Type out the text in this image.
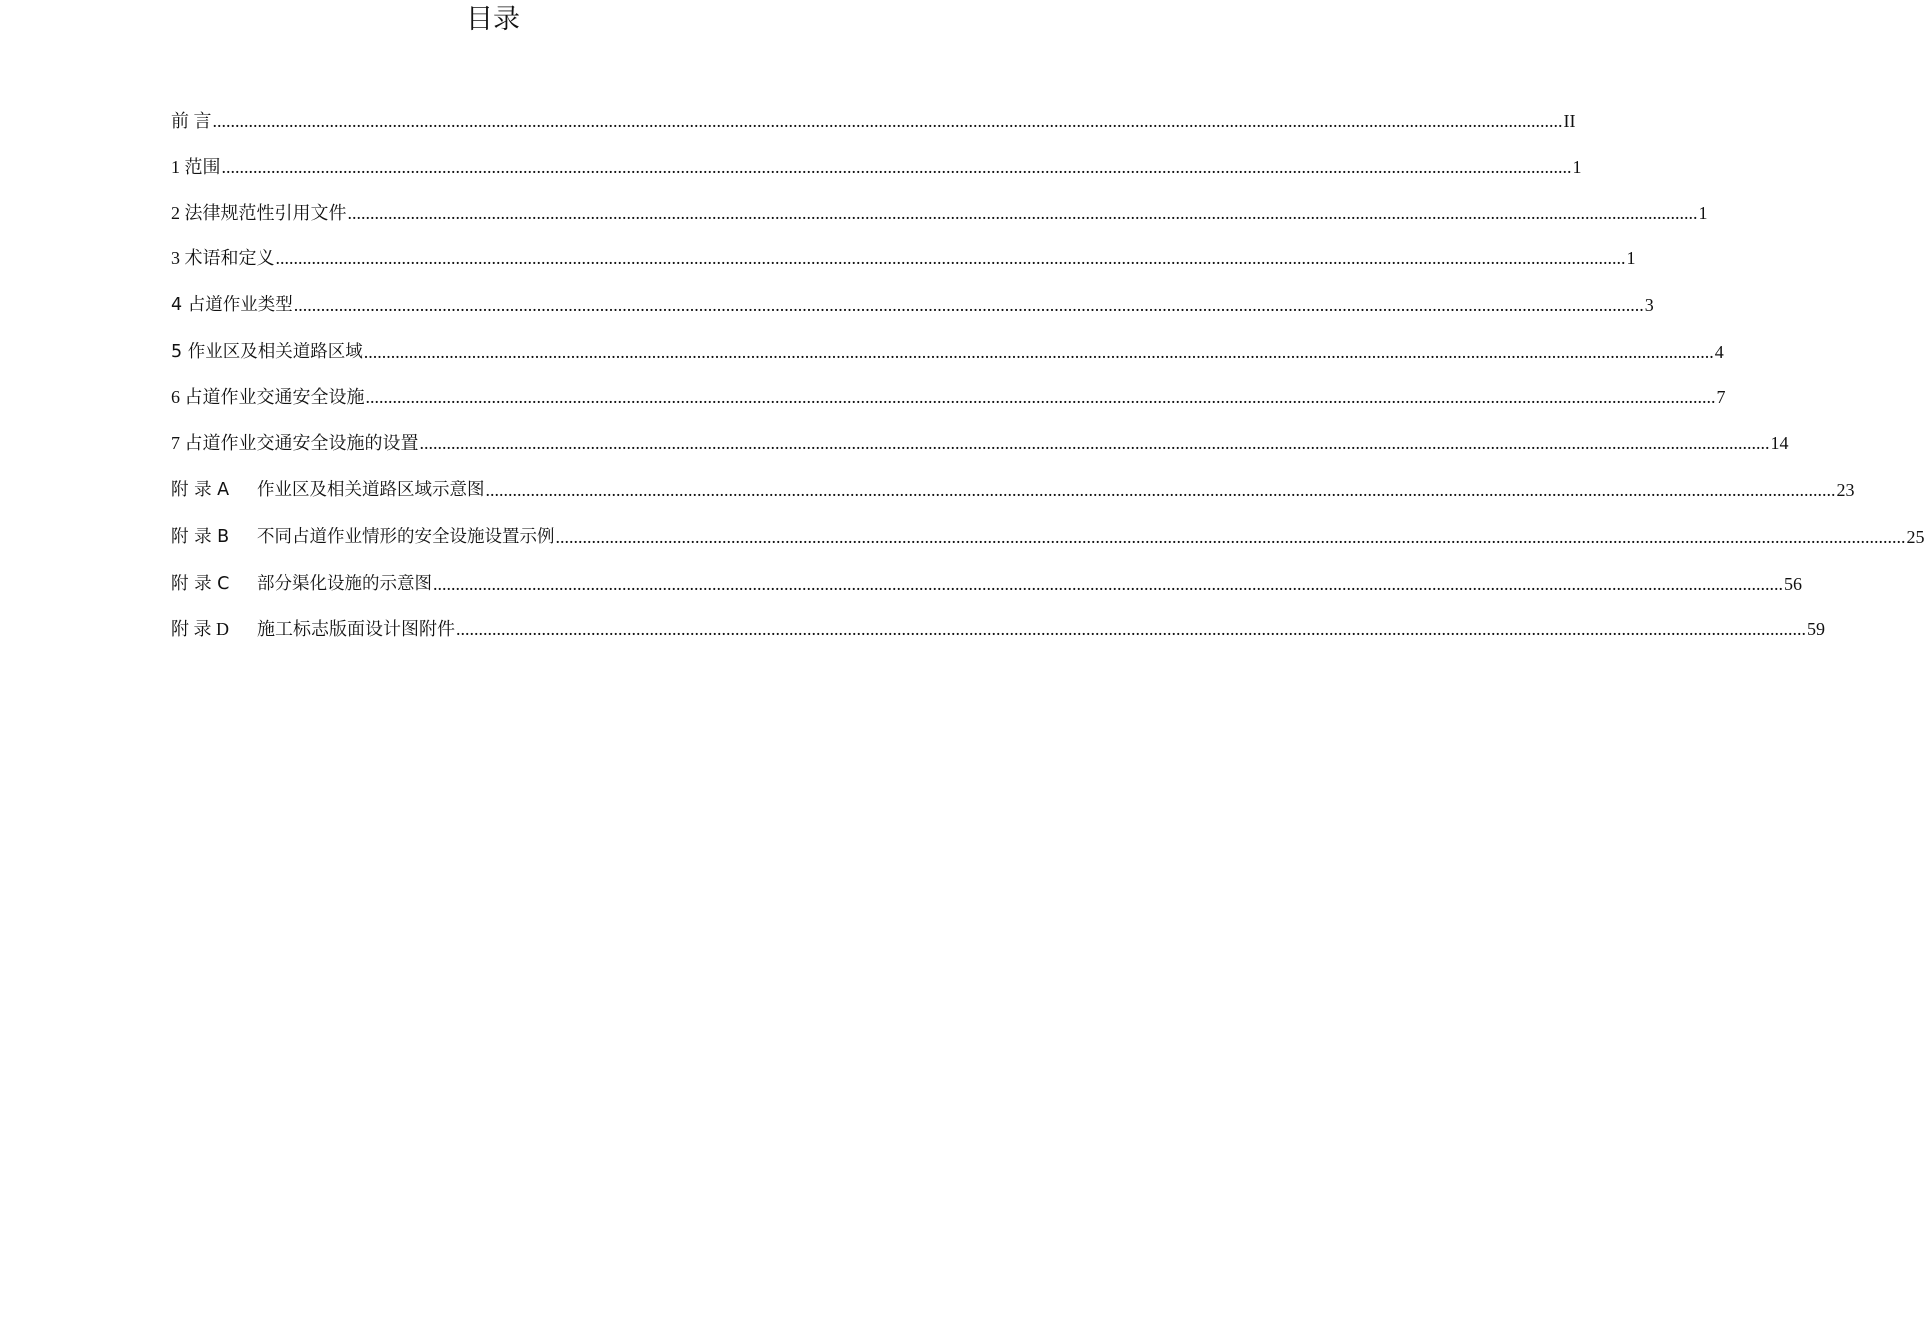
目录
前 言 ............................................................................................................................................................................................................................................................................................................ II
1 范围 ............................................................................................................................................................................................................................................................................................................ 1
2 法律规范性引用文件 ............................................................................................................................................................................................................................................................................................................ 1
3 术语和定义 ............................................................................................................................................................................................................................................................................................................ 1
4 占道作业类型 ............................................................................................................................................................................................................................................................................................................ 3
5 作业区及相关道路区域 ............................................................................................................................................................................................................................................................................................................ 4
6 占道作业交通安全设施 ............................................................................................................................................................................................................................................................................................................ 7
7 占道作业交通安全设施的设置 ............................................................................................................................................................................................................................................................................................................ 14
附 录 A	作业区及相关道路区域示意图 ............................................................................................................................................................................................................................................................................................................ 23
附 录 B	不同占道作业情形的安全设施设置示例 ............................................................................................................................................................................................................................................................................................................ 25
附 录 C	部分渠化设施的示意图 ............................................................................................................................................................................................................................................................................................................ 56
附 录 D	施工标志版面设计图附件 ............................................................................................................................................................................................................................................................................................................ 59
